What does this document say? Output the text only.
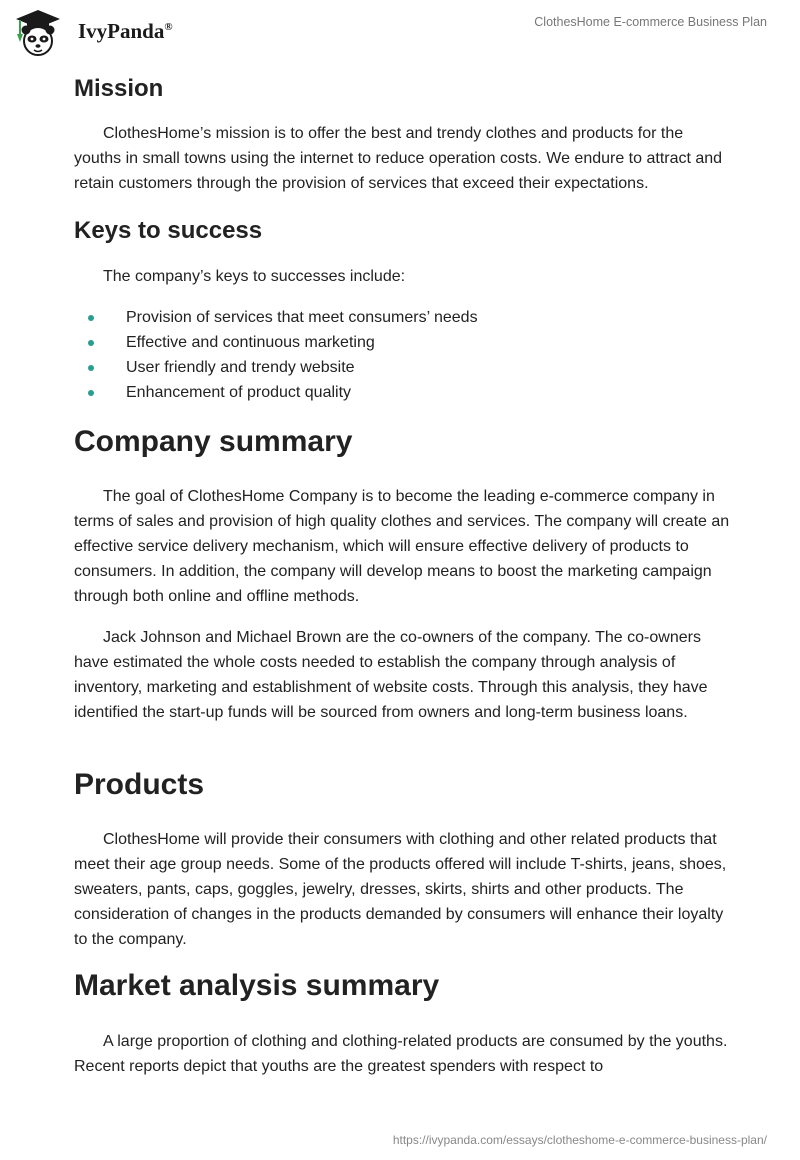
IvyPanda®	ClothesHome E-commerce Business Plan
Mission

ClothesHome’s mission is to offer the best and trendy clothes and products for the youths in small towns using the internet to reduce operation costs. We endure to attract and retain customers through the provision of services that exceed their expectations.

Keys to success

The company’s keys to successes include:

Provision of services that meet consumers’ needs
Effective and continuous marketing
User friendly and trendy website
Enhancement of product quality
Company summary

The goal of ClothesHome Company is to become the leading e-commerce company in terms of sales and provision of high quality clothes and services. The company will create an effective service delivery mechanism, which will ensure effective delivery of products to consumers. In addition, the company will develop means to boost the marketing campaign through both online and offline methods.

Jack Johnson and Michael Brown are the co-owners of the company. The co-owners have estimated the whole costs needed to establish the company through analysis of inventory, marketing and establishment of website costs. Through this analysis, they have identified the start-up funds will be sourced from owners and long-term business loans.

Products

ClothesHome will provide their consumers with clothing and other related products that meet their age group needs. Some of the products offered will include T-shirts, jeans, shoes, sweaters, pants, caps, goggles, jewelry, dresses, skirts, shirts and other products. The consideration of changes in the products demanded by consumers will enhance their loyalty to the company.

Market analysis summary

A large proportion of clothing and clothing-related products are consumed by the youths. Recent reports depict that youths are the greatest spenders with respect to

https://ivypanda.com/essays/clotheshome-e-commerce-business-plan/
